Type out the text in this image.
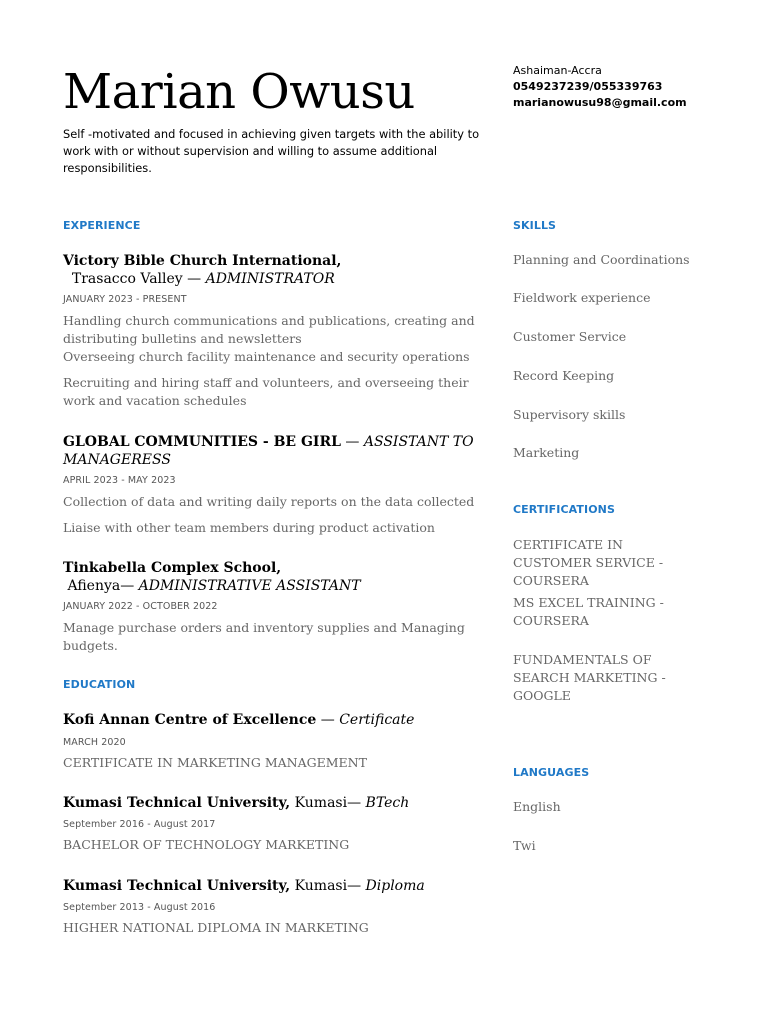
Marian Owusu
Self -motivated and focused in achieving given targets with the ability to work with or without supervision and willing to assume additional responsibilities.
Ashaiman-Accra
0549237239/055339763
marianowusu98@gmail.com
EXPERIENCE
Victory Bible Church International,  Trasacco Valley — ADMINISTRATOR
JANUARY 2023 - PRESENT
Handling church communications and publications, creating and distributing bulletins and newsletters
Overseeing church facility maintenance and security operations
Recruiting and hiring staff and volunteers, and overseeing their work and vacation schedules
GLOBAL COMMUNITIES - BE GIRL — ASSISTANT TO MANAGERESS
APRIL 2023 - MAY 2023
Collection of data and writing daily reports on the data collected
Liaise with other team members during product activation
Tinkabella Complex School, Afienya— ADMINISTRATIVE ASSISTANT
JANUARY 2022 - OCTOBER 2022
Manage purchase orders and inventory supplies and Managing budgets.
EDUCATION
Kofi Annan Centre of Excellence — Certificate
MARCH 2020
CERTIFICATE IN MARKETING MANAGEMENT
Kumasi Technical University, Kumasi— BTech
September 2016 - August 2017
BACHELOR OF TECHNOLOGY MARKETING
Kumasi Technical University, Kumasi— Diploma
September 2013 - August 2016
HIGHER NATIONAL DIPLOMA IN MARKETING
SKILLS
Planning and Coordinations
Fieldwork experience
Customer Service
Record Keeping
Supervisory skills
Marketing
CERTIFICATIONS
CERTIFICATE IN CUSTOMER SERVICE - COURSERA
MS EXCEL TRAINING - COURSERA
FUNDAMENTALS OF SEARCH MARKETING - GOOGLE
LANGUAGES
English
Twi
